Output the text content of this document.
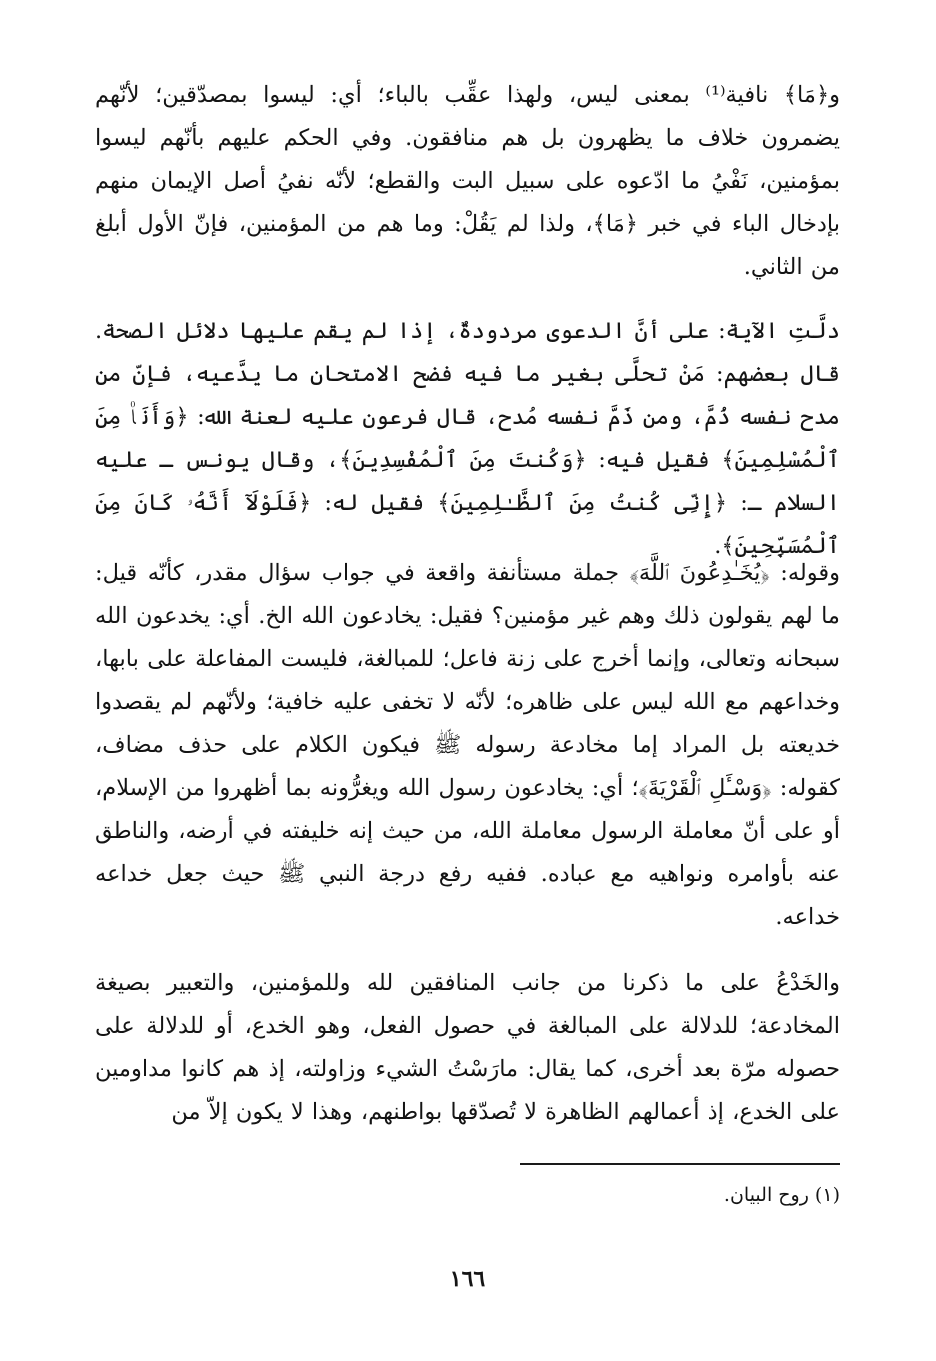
و﴿مَا﴾ نافية⁽¹⁾ بمعنى ليس، ولهذا عقِّب بالباء؛ أي: ليسوا بمصدّقين؛ لأنّهم يضمرون خلاف ما يظهرون بل هم منافقون. وفي الحكم عليهم بأنّهم ليسوا بمؤمنين، نَفْيُ ما ادّعوه على سبيل البت والقطع؛ لأنّه نفيُ أصل الإيمان منهم بإدخال الباء في خبر ﴿مَا﴾، ولذا لم يَقُلْ: وما هم من المؤمنين، فإنّ الأول أبلغ من الثاني.

دلَّتِ الآية: على أنَّ الدعوى مردودةٌ، إذا لم يقم عليها دلائل الصحة. قال بعضهم: مَنْ تحلَّى بغير ما فيه فضح الامتحان ما يدَّعيه، فإنّ من مدح نفسه ذُمَّ، ومن ذَمَّ نفسه مُدح، قال فرعون عليه لعنة الله: ﴿وَأَنَا۠ مِنَ ٱلْمُسْلِمِينَ﴾ فقيل فيه: ﴿وَكُنتَ مِنَ ٱلْمُفْسِدِينَ﴾، وقال يونس ـ عليه السلام ـ: ﴿إِنِّى كُنتُ مِنَ ٱلظَّـٰلِمِينَ﴾ فقيل له: ﴿فَلَوْلَآ أَنَّهُۥ كَانَ مِنَ ٱلْمُسَبِّحِينَ﴾.

وقوله: ﴿يُخَـٰدِعُونَ ٱللَّهَ﴾ جملة مستأنفة واقعة في جواب سؤال مقدر، كأنّه قيل: ما لهم يقولون ذلك وهم غير مؤمنين؟ فقيل: يخادعون الله الخ. أي: يخدعون الله سبحانه وتعالى، وإنما أخرج على زنة فاعل؛ للمبالغة، فليست المفاعلة على بابها، وخداعهم مع الله ليس على ظاهره؛ لأنّه لا تخفى عليه خافية؛ ولأنّهم لم يقصدوا خديعته بل المراد إما مخادعة رسوله ﷺ فيكون الكلام على حذف مضاف، كقوله: ﴿وَسْـَٔلِ ٱلْقَرْيَةَ﴾؛ أي: يخادعون رسول الله ويغرُّونه بما أظهروا من الإسلام، أو على أنّ معاملة الرسول معاملة الله، من حيث إنه خليفته في أرضه، والناطق عنه بأوامره ونواهيه مع عباده. ففيه رفع درجة النبي ﷺ حيث جعل خداعه خداعه.

والخَدْعُ على ما ذكرنا من جانب المنافقين لله وللمؤمنين، والتعبير بصيغة المخادعة؛ للدلالة على المبالغة في حصول الفعل، وهو الخدع، أو للدلالة على حصوله مرّة بعد أخرى، كما يقال: مارَسْتُ الشيء وزاولته، إذ هم كانوا مداومين على الخدع، إذ أعمالهم الظاهرة لا تُصدّقها بواطنهم، وهذا لا يكون إلاّ من

(١) روح البيان.
١٦٦
